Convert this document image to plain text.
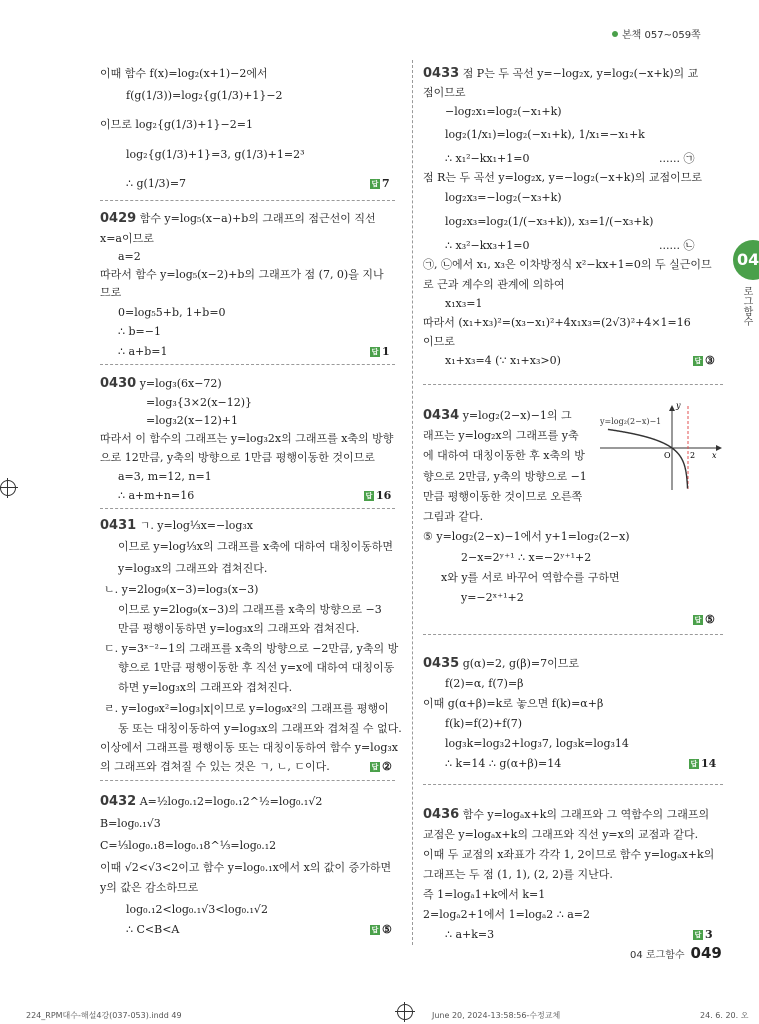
본책 057~059쪽
04
로그함수
이때 함수 f(x)=log₂(x+1)−2에서
f(g(1/3))=log₂{g(1/3)+1}−2
이므로 log₂{g(1/3)+1}−2=1
log₂{g(1/3)+1}=3, g(1/3)+1=2³
∴ g(1/3)=7	답 7
0429 함수 y=log₅(x−a)+b의 그래프의 점근선이 직선
x=a이므로
a=2
따라서 함수 y=log₅(x−2)+b의 그래프가 점 (7, 0)을 지나
므로
0=log₅5+b, 1+b=0
∴ b=−1
∴ a+b=1	답 1
0430 y=log₃(6x−72)
=log₃{3×2(x−12)}
=log₃2(x−12)+1
따라서 이 함수의 그래프는 y=log₃2x의 그래프를 x축의 방향
으로 12만큼, y축의 방향으로 1만큼 평행이동한 것이므로
a=3, m=12, n=1
∴ a+m+n=16	답 16
0431 ㄱ. y=log⅓x=−log₃x
이므로 y=log⅓x의 그래프를 x축에 대하여 대칭이동하면
y=log₃x의 그래프와 겹쳐진다.
ㄴ. y=2log₉(x−3)=log₃(x−3)
이므로 y=2log₉(x−3)의 그래프를 x축의 방향으로 −3
만큼 평행이동하면 y=log₃x의 그래프와 겹쳐진다.
ㄷ. y=3ˣ⁻²−1의 그래프를 x축의 방향으로 −2만큼, y축의 방
향으로 1만큼 평행이동한 후 직선 y=x에 대하여 대칭이동
하면 y=log₃x의 그래프와 겹쳐진다.
ㄹ. y=log₉x²=log₃|x|이므로 y=log₉x²의 그래프를 평행이
동 또는 대칭이동하여 y=log₃x의 그래프와 겹쳐질 수 없다.
이상에서 그래프를 평행이동 또는 대칭이동하여 함수 y=log₃x
의 그래프와 겹쳐질 수 있는 것은 ㄱ, ㄴ, ㄷ이다.	답 ②
0432 A=½log₀.₁2=log₀.₁2^½=log₀.₁√2
B=log₀.₁√3
C=⅓log₀.₁8=log₀.₁8^⅓=log₀.₁2
이때 √2<√3<2이고 함수 y=log₀.₁x에서 x의 값이 증가하면
y의 값은 감소하므로
log₀.₁2<log₀.₁√3<log₀.₁√2
∴ C<B<A	답 ⑤
0433 점 P는 두 곡선 y=−log₂x, y=log₂(−x+k)의 교
점이므로
−log₂x₁=log₂(−x₁+k)
log₂(1/x₁)=log₂(−x₁+k), 1/x₁=−x₁+k
∴ x₁²−kx₁+1=0	...... ㉠
점 R는 두 곡선 y=log₂x, y=−log₂(−x+k)의 교점이므로
log₂x₃=−log₂(−x₃+k)
log₂x₃=log₂(1/(−x₃+k)), x₃=1/(−x₃+k)
∴ x₃²−kx₃+1=0	...... ㉡
㉠, ㉡에서 x₁, x₃은 이차방정식 x²−kx+1=0의 두 실근이므
로 근과 계수의 관계에 의하여
x₁x₃=1
따라서 (x₁+x₃)²=(x₃−x₁)²+4x₁x₃=(2√3)²+4×1=16
이므로
x₁+x₃=4 (∵ x₁+x₃>0)	답 ③
0434 y=log₂(2−x)−1의 그
래프는 y=log₂x의 그래프를 y축
에 대하여 대칭이동한 후 x축의 방
향으로 2만큼, y축의 방향으로 −1
만큼 평행이동한 것이므로 오른쪽
그림과 같다.
⑤ y=log₂(2−x)−1에서 y+1=log₂(2−x)
2−x=2ʸ⁺¹ ∴ x=−2ʸ⁺¹+2
x와 y를 서로 바꾸어 역함수를 구하면
y=−2ˣ⁺¹+2
답 ⑤
0435 g(α)=2, g(β)=7이므로
f(2)=α, f(7)=β
이때 g(α+β)=k로 놓으면 f(k)=α+β
f(k)=f(2)+f(7)
log₃k=log₃2+log₃7, log₃k=log₃14
∴ k=14 ∴ g(α+β)=14	답 14
0436 함수 y=logₐx+k의 그래프와 그 역함수의 그래프의
교점은 y=logₐx+k의 그래프와 직선 y=x의 교점과 같다.
이때 두 교점의 x좌표가 각각 1, 2이므로 함수 y=logₐx+k의
그래프는 두 점 (1, 1), (2, 2)를 지난다.
즉 1=logₐ1+k에서 k=1
2=logₐ2+1에서 1=logₐ2 ∴ a=2
∴ a+k=3	답 3
y=log₂(2−x)−1
y
x
O 2
04 로그함수 049
224_RPM대수-해설4강(037-053).indd 49	June 20, 2024-13:58:56-수정교체	24. 6. 20. 오
